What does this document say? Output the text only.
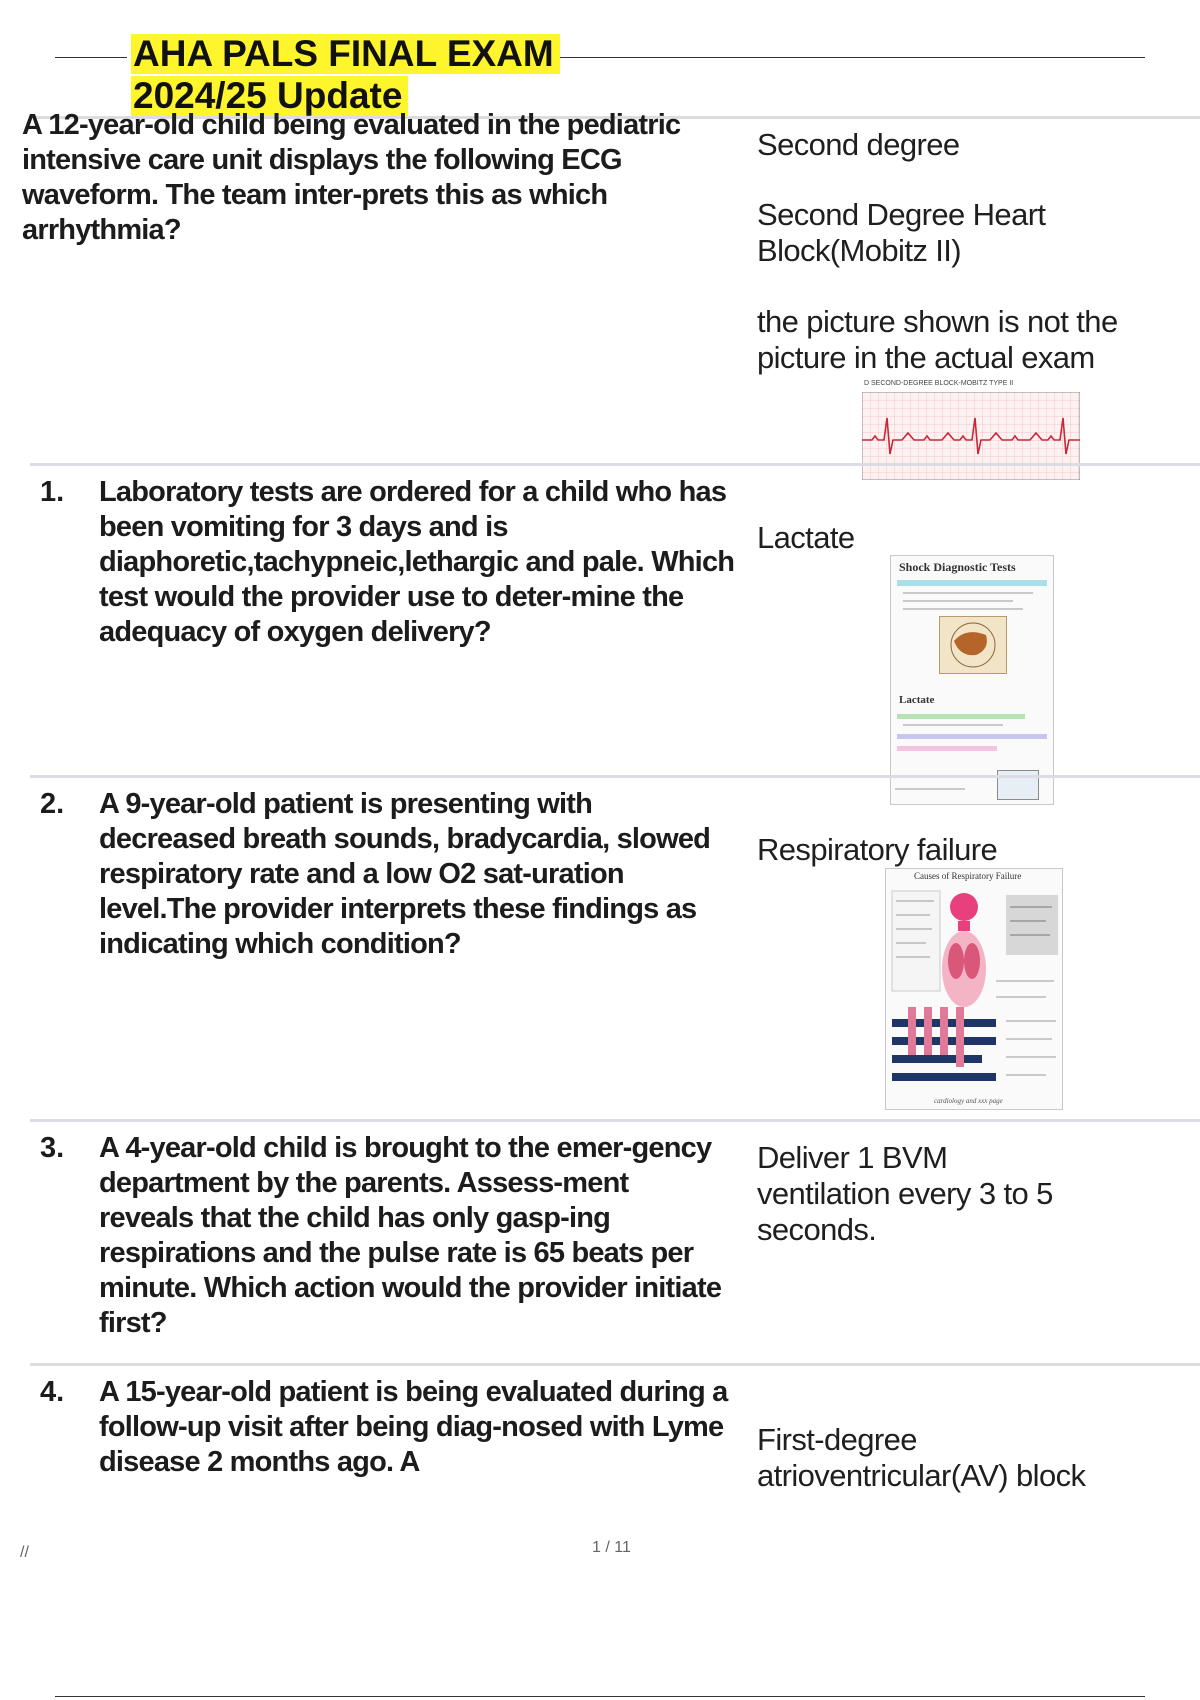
AHA PALS FINAL EXAM
2024/25 Update
A 12-year-old child being evaluated in the pediatric intensive care unit displays the following ECG waveform. The team inter-prets this as which arrhythmia?
Second degree
Second Degree Heart Block(Mobitz II)
the picture shown is not the picture in the actual exam
D SECOND-DEGREE BLOCK-MOBITZ TYPE II
1. Laboratory tests are ordered for a child who has been vomiting for 3 days and is diaphoretic,tachypneic,lethargic and pale. Which test would the provider use to deter-mine the adequacy of oxygen delivery?
Lactate
Shock Diagnostic Tests
Lactate
2. A 9-year-old patient is presenting with decreased breath sounds, bradycardia, slowed respiratory rate and a low O2 sat-uration level.The provider interprets these findings as indicating which condition?
Respiratory failure
Causes of Respiratory Failure
cardiology and xxx page
3. A 4-year-old child is brought to the emer-gency department by the parents. Assess-ment reveals that the child has only gasp-ing respirations and the pulse rate is 65 beats per minute. Which action would the provider initiate first?
Deliver 1 BVM ventilation every 3 to 5 seconds.
4. A 15-year-old patient is being evaluated during a follow-up visit after being diag-nosed with Lyme disease 2 months ago. A
First-degree atrioventricular(AV) block
//	1 / 11
